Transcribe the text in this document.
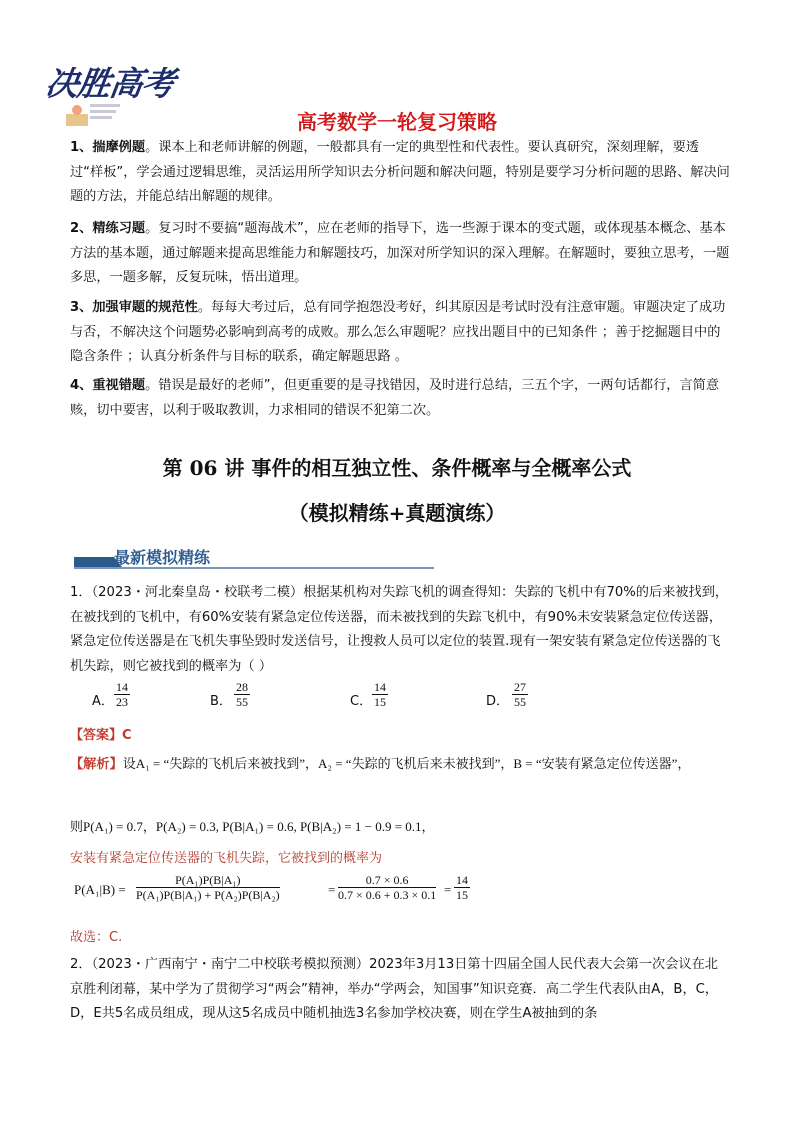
决胜高考
高考数学一轮复习策略

1、揣摩例题。课本上和老师讲解的例题，一般都具有一定的典型性和代表性。要认真研究，深刻理解，要透过“样板”，学会通过逻辑思维，灵活运用所学知识去分析问题和解决问题，特别是要学习分析问题的思路、解决问题的方法，并能总结出解题的规律。

2、精练习题。复习时不要搞“题海战术”，应在老师的指导下，选一些源于课本的变式题，或体现基本概念、基本方法的基本题，通过解题来提高思维能力和解题技巧，加深对所学知识的深入理解。在解题时，要独立思考，一题多思，一题多解，反复玩味，悟出道理。

3、加强审题的规范性。每每大考过后，总有同学抱怨没考好，纠其原因是考试时没有注意审题。审题决定了成功与否，不解决这个问题势必影响到高考的成败。那么怎么审题呢？应找出题目中的已知条件 ；善于挖掘题目中的隐含条件 ；认真分析条件与目标的联系，确定解题思路 。

4、重视错题。错误是最好的老师”，但更重要的是寻找错因，及时进行总结，三五个字，一两句话都行，言简意赅，切中要害，以利于吸取教训，力求相同的错误不犯第二次。

第 06 讲 事件的相互独立性、条件概率与全概率公式
（模拟精练+真题演练）
最新模拟精练

1．（2023・河北秦皇岛・校联考二模）根据某机构对失踪飞机的调查得知：失踪的飞机中有70%的后来被找到，在被找到的飞机中，有60%安装有紧急定位传送器，而未被找到的失踪飞机中，有90%未安装紧急定位传送器，紧急定位传送器是在飞机失事坠毁时发送信号，让搜救人员可以定位的装置.现有一架安装有紧急定位传送器的飞机失踪，则它被找到的概率为（ ）

A． $\frac{14}{23}$	B． $\frac{28}{55}$	C． $\frac{14}{15}$	D． $\frac{27}{55}$
【答案】C

【解析】设A₁ = “失踪的飞机后来被找到”，A₂ = “失踪的飞机后来未被找到”，B = “安装有紧急定位传送器”，

则P(A₁) = 0.7，P(A₂) = 0.3, P(B|A₁) = 0.6, P(B|A₂) = 1 − 0.9 = 0.1，
安装有紧急定位传送器的飞机失踪，它被找到的概率为
$P(A_1|B) = \frac{\text{P(A₁)P(B|A₁)}}{\text{P(A₁)P(B|A₁) + P(A₂)P(B|A₂)}}$	= $\frac{0.7 \times 0.6}{0.7 \times 0.6 + 0.3 \times 0.1} = \frac{14}{15}$
故选：C.

2．（2023・广西南宁・南宁二中校联考模拟预测）2023年3月13日第十四届全国人民代表大会第一次会议在北京胜利闭幕，某中学为了贯彻学习“两会”精神，举办“学两会，知国事”知识竞赛．高二学生代表队由A，B，C，D，E共5名成员组成，现从这5名成员中随机抽选3名参加学校决赛，则在学生A被抽到的条
